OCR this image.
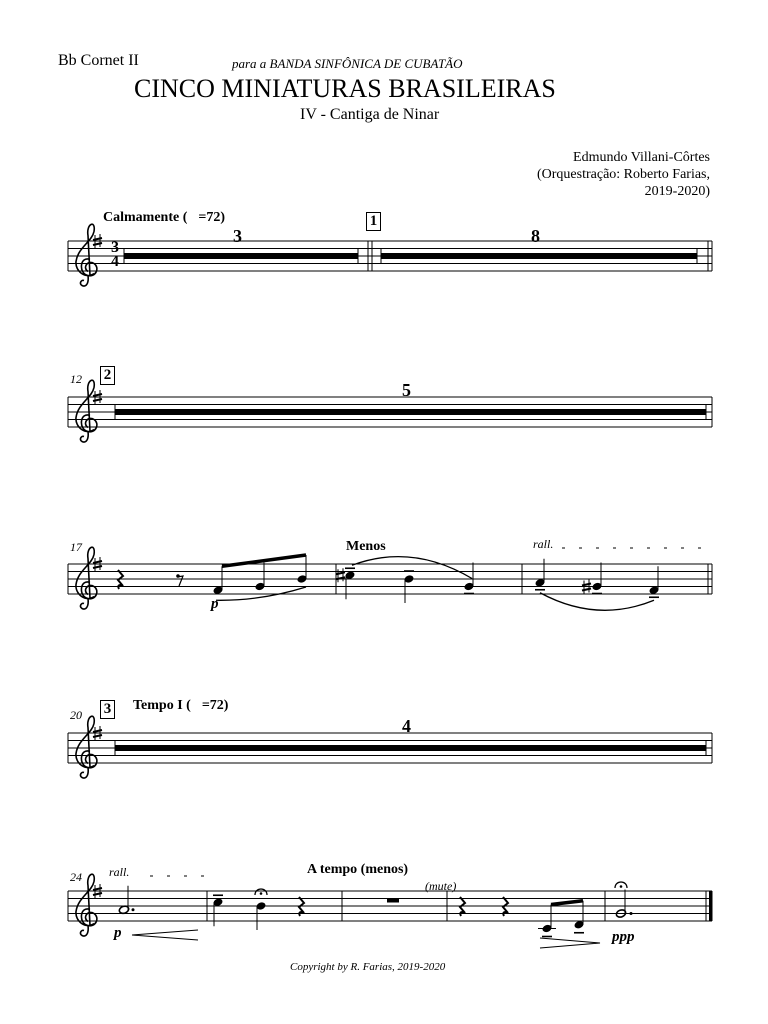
Bb Cornet II	para a BANDA SINFÔNICA DE CUBATÃO
CINCO MINIATURAS BRASILEIRAS
IV - Cantiga de Ninar
Edmundo Villani-Côrtes
(Orquestração: Roberto Farias,
2019-2020)
Calmamente ( =72)
3
1
8
3
4
12 2
5
17	Menos	rall.
p
20 3 Tempo I ( =72)
4
24 rall.	A tempo (menos)
(mute)
p	ppp
Copyright by R. Farias, 2019-2020
